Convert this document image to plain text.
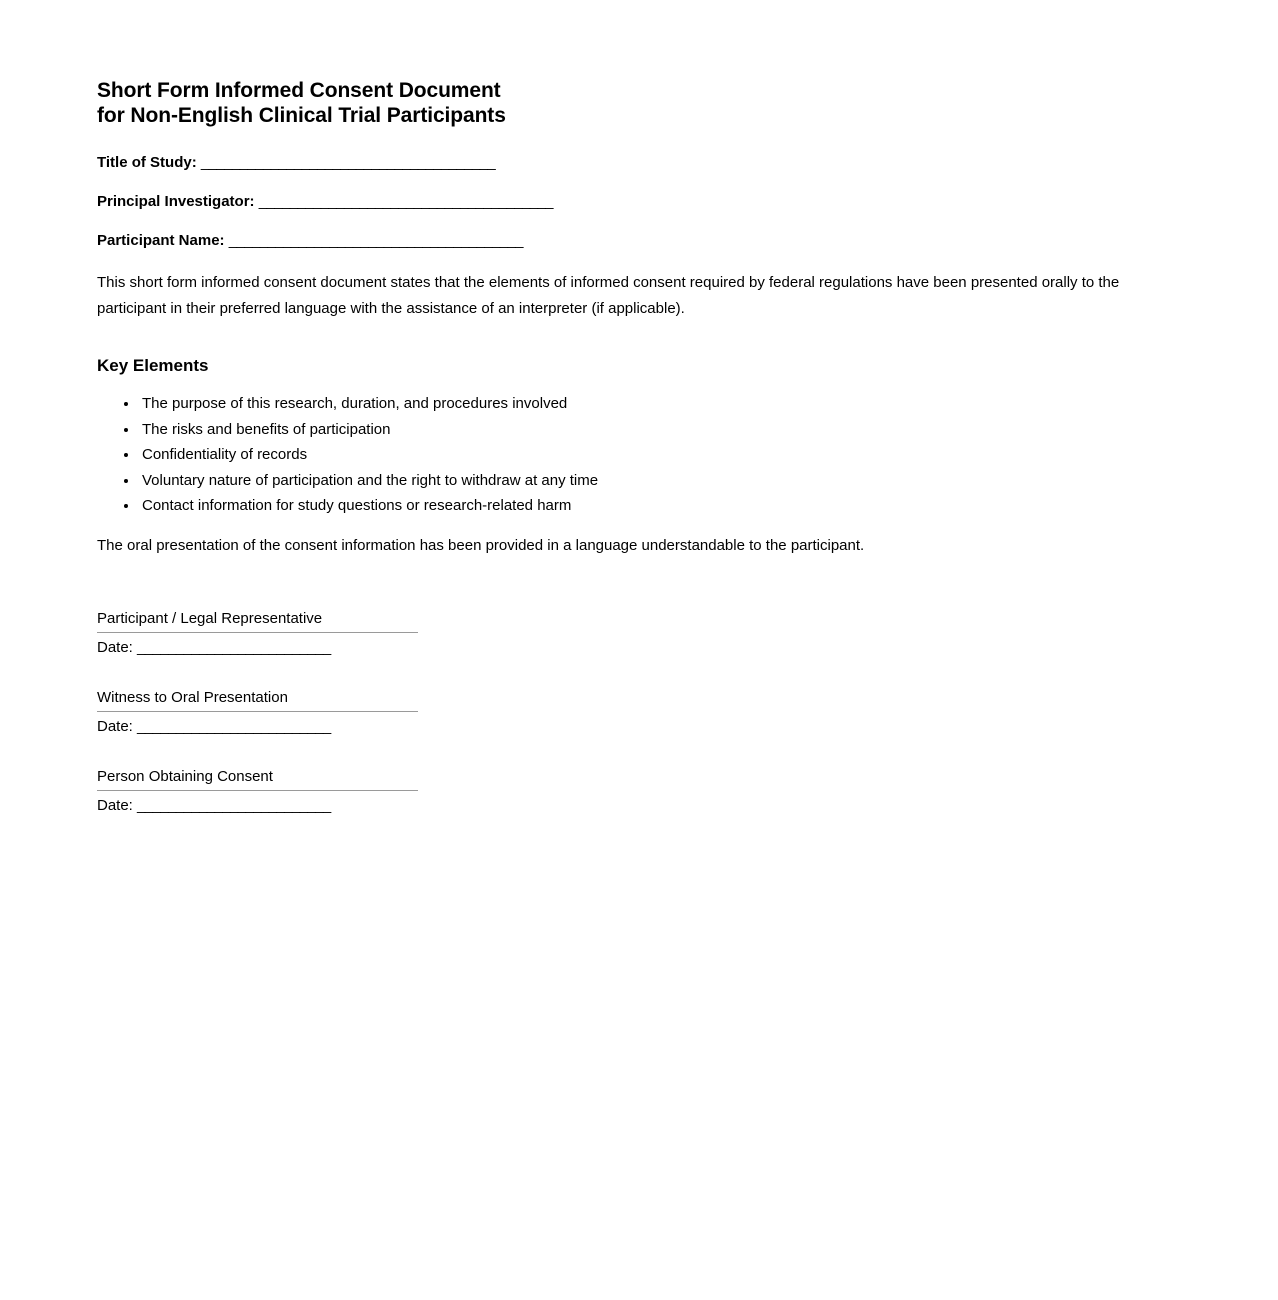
Short Form Informed Consent Document
for Non-English Clinical Trial Participants
Title of Study: ______________________________________
Principal Investigator: ______________________________________
Participant Name: ______________________________________

This short form informed consent document states that the elements of informed consent required by federal regulations have been presented orally to the participant in their preferred language with the assistance of an interpreter (if applicable).

Key Elements
• The purpose of this research, duration, and procedures involved
• The risks and benefits of participation
• Confidentiality of records
• Voluntary nature of participation and the right to withdraw at any time
• Contact information for study questions or research-related harm

The oral presentation of the consent information has been provided in a language understandable to the participant.

Participant / Legal Representative
Date: _________________________
Witness to Oral Presentation
Date: _________________________
Person Obtaining Consent
Date: _________________________
